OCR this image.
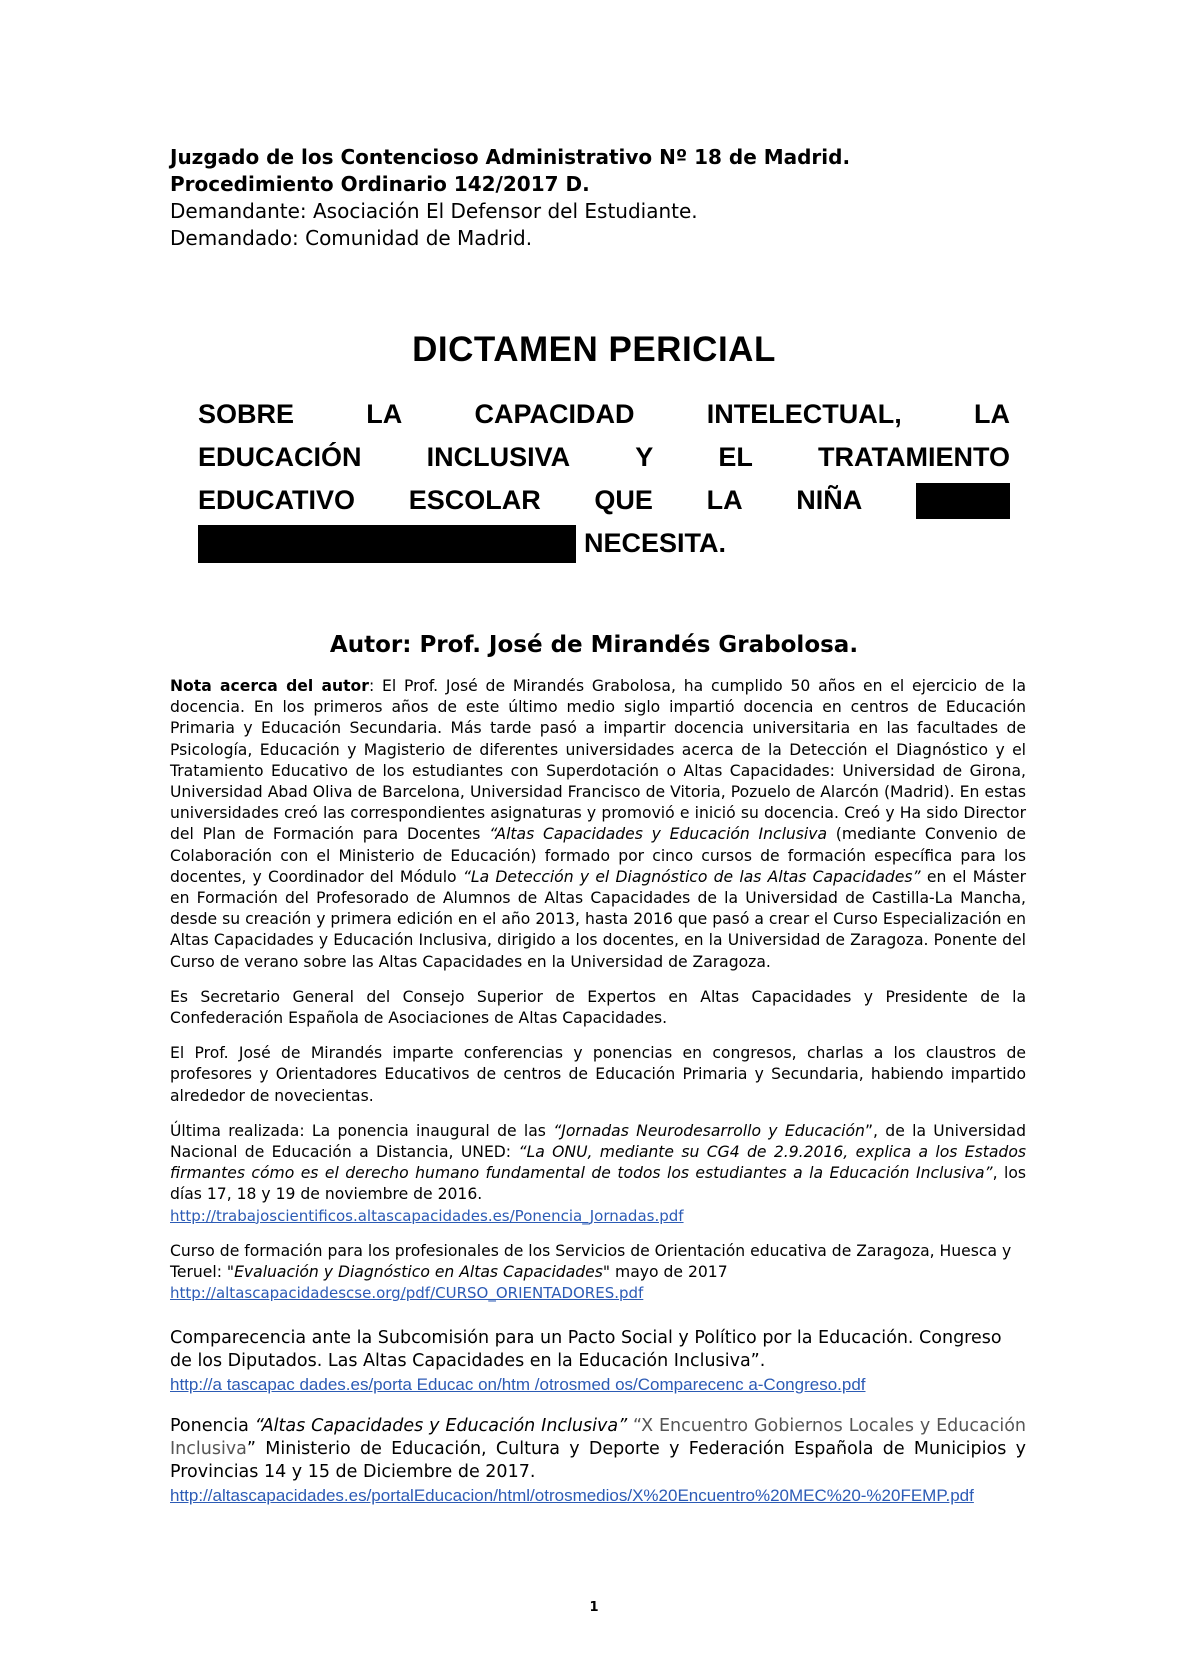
Juzgado de los Contencioso Administrativo Nº 18 de Madrid.
Procedimiento Ordinario 142/2017 D.
Demandante: Asociación El Defensor del Estudiante.
Demandado: Comunidad de Madrid.
DICTAMEN PERICIAL
SOBRE	LA	CAPACIDAD	INTELECTUAL,	LA
EDUCACIÓN INCLUSIVA Y EL TRATAMIENTO
EDUCATIVO ESCOLAR QUE LA NIÑA
NECESITA.
Autor: Prof. José de Mirandés Grabolosa.

Nota acerca del autor: El Prof. José de Mirandés Grabolosa, ha cumplido 50 años en el ejercicio de la docencia. En los primeros años de este último medio siglo impartió docencia en centros de Educación Primaria y Educación Secundaria. Más tarde pasó a impartir docencia universitaria en las facultades de Psicología, Educación y Magisterio de diferentes universidades acerca de la Detección el Diagnóstico y el Tratamiento Educativo de los estudiantes con Superdotación o Altas Capacidades: Universidad de Girona, Universidad Abad Oliva de Barcelona, Universidad Francisco de Vitoria, Pozuelo de Alarcón (Madrid). En estas universidades creó las correspondientes asignaturas y promovió e inició su docencia. Creó y Ha sido Director del Plan de Formación para Docentes “Altas Capacidades y Educación Inclusiva (mediante Convenio de Colaboración con el Ministerio de Educación) formado por cinco cursos de formación específica para los docentes, y Coordinador del Módulo “La Detección y el Diagnóstico de las Altas Capacidades” en el Máster en Formación del Profesorado de Alumnos de Altas Capacidades de la Universidad de Castilla-La Mancha, desde su creación y primera edición en el año 2013, hasta 2016 que pasó a crear el Curso Especialización en Altas Capacidades y Educación Inclusiva, dirigido a los docentes, en la Universidad de Zaragoza. Ponente del Curso de verano sobre las Altas Capacidades en la Universidad de Zaragoza.

Es Secretario General del Consejo Superior de Expertos en Altas Capacidades y Presidente de la Confederación Española de Asociaciones de Altas Capacidades.

El Prof. José de Mirandés imparte conferencias y ponencias en congresos, charlas a los claustros de profesores y Orientadores Educativos de centros de Educación Primaria y Secundaria, habiendo impartido alrededor de novecientas.

Última realizada: La ponencia inaugural de las “Jornadas Neurodesarrollo y Educación”, de la Universidad Nacional de Educación a Distancia, UNED: “La ONU, mediante su CG4 de 2.9.2016, explica a los Estados firmantes cómo es el derecho humano fundamental de todos los estudiantes a la Educación Inclusiva”, los días 17, 18 y 19 de noviembre de 2016.
http://trabajoscientificos.altascapacidades.es/Ponencia_Jornadas.pdf

Curso de formación para los profesionales de los Servicios de Orientación educativa de Zaragoza, Huesca y Teruel: "Evaluación y Diagnóstico en Altas Capacidades" mayo de 2017
http://altascapacidadescse.org/pdf/CURSO_ORIENTADORES.pdf

Comparecencia ante la Subcomisión para un Pacto Social y Político por la Educación. Congreso de los Diputados. Las Altas Capacidades en la Educación Inclusiva”.
http://a tascapac dades.es/porta Educac on/htm /otrosmed os/Comparecenc a-Congreso.pdf

Ponencia “Altas Capacidades y Educación Inclusiva” “X Encuentro Gobiernos Locales y Educación Inclusiva” Ministerio de Educación, Cultura y Deporte y Federación Española de Municipios y Provincias 14 y 15 de Diciembre de 2017.
http://altascapacidades.es/portalEducacion/html/otrosmedios/X%20Encuentro%20MEC%20-%20FEMP.pdf

1
